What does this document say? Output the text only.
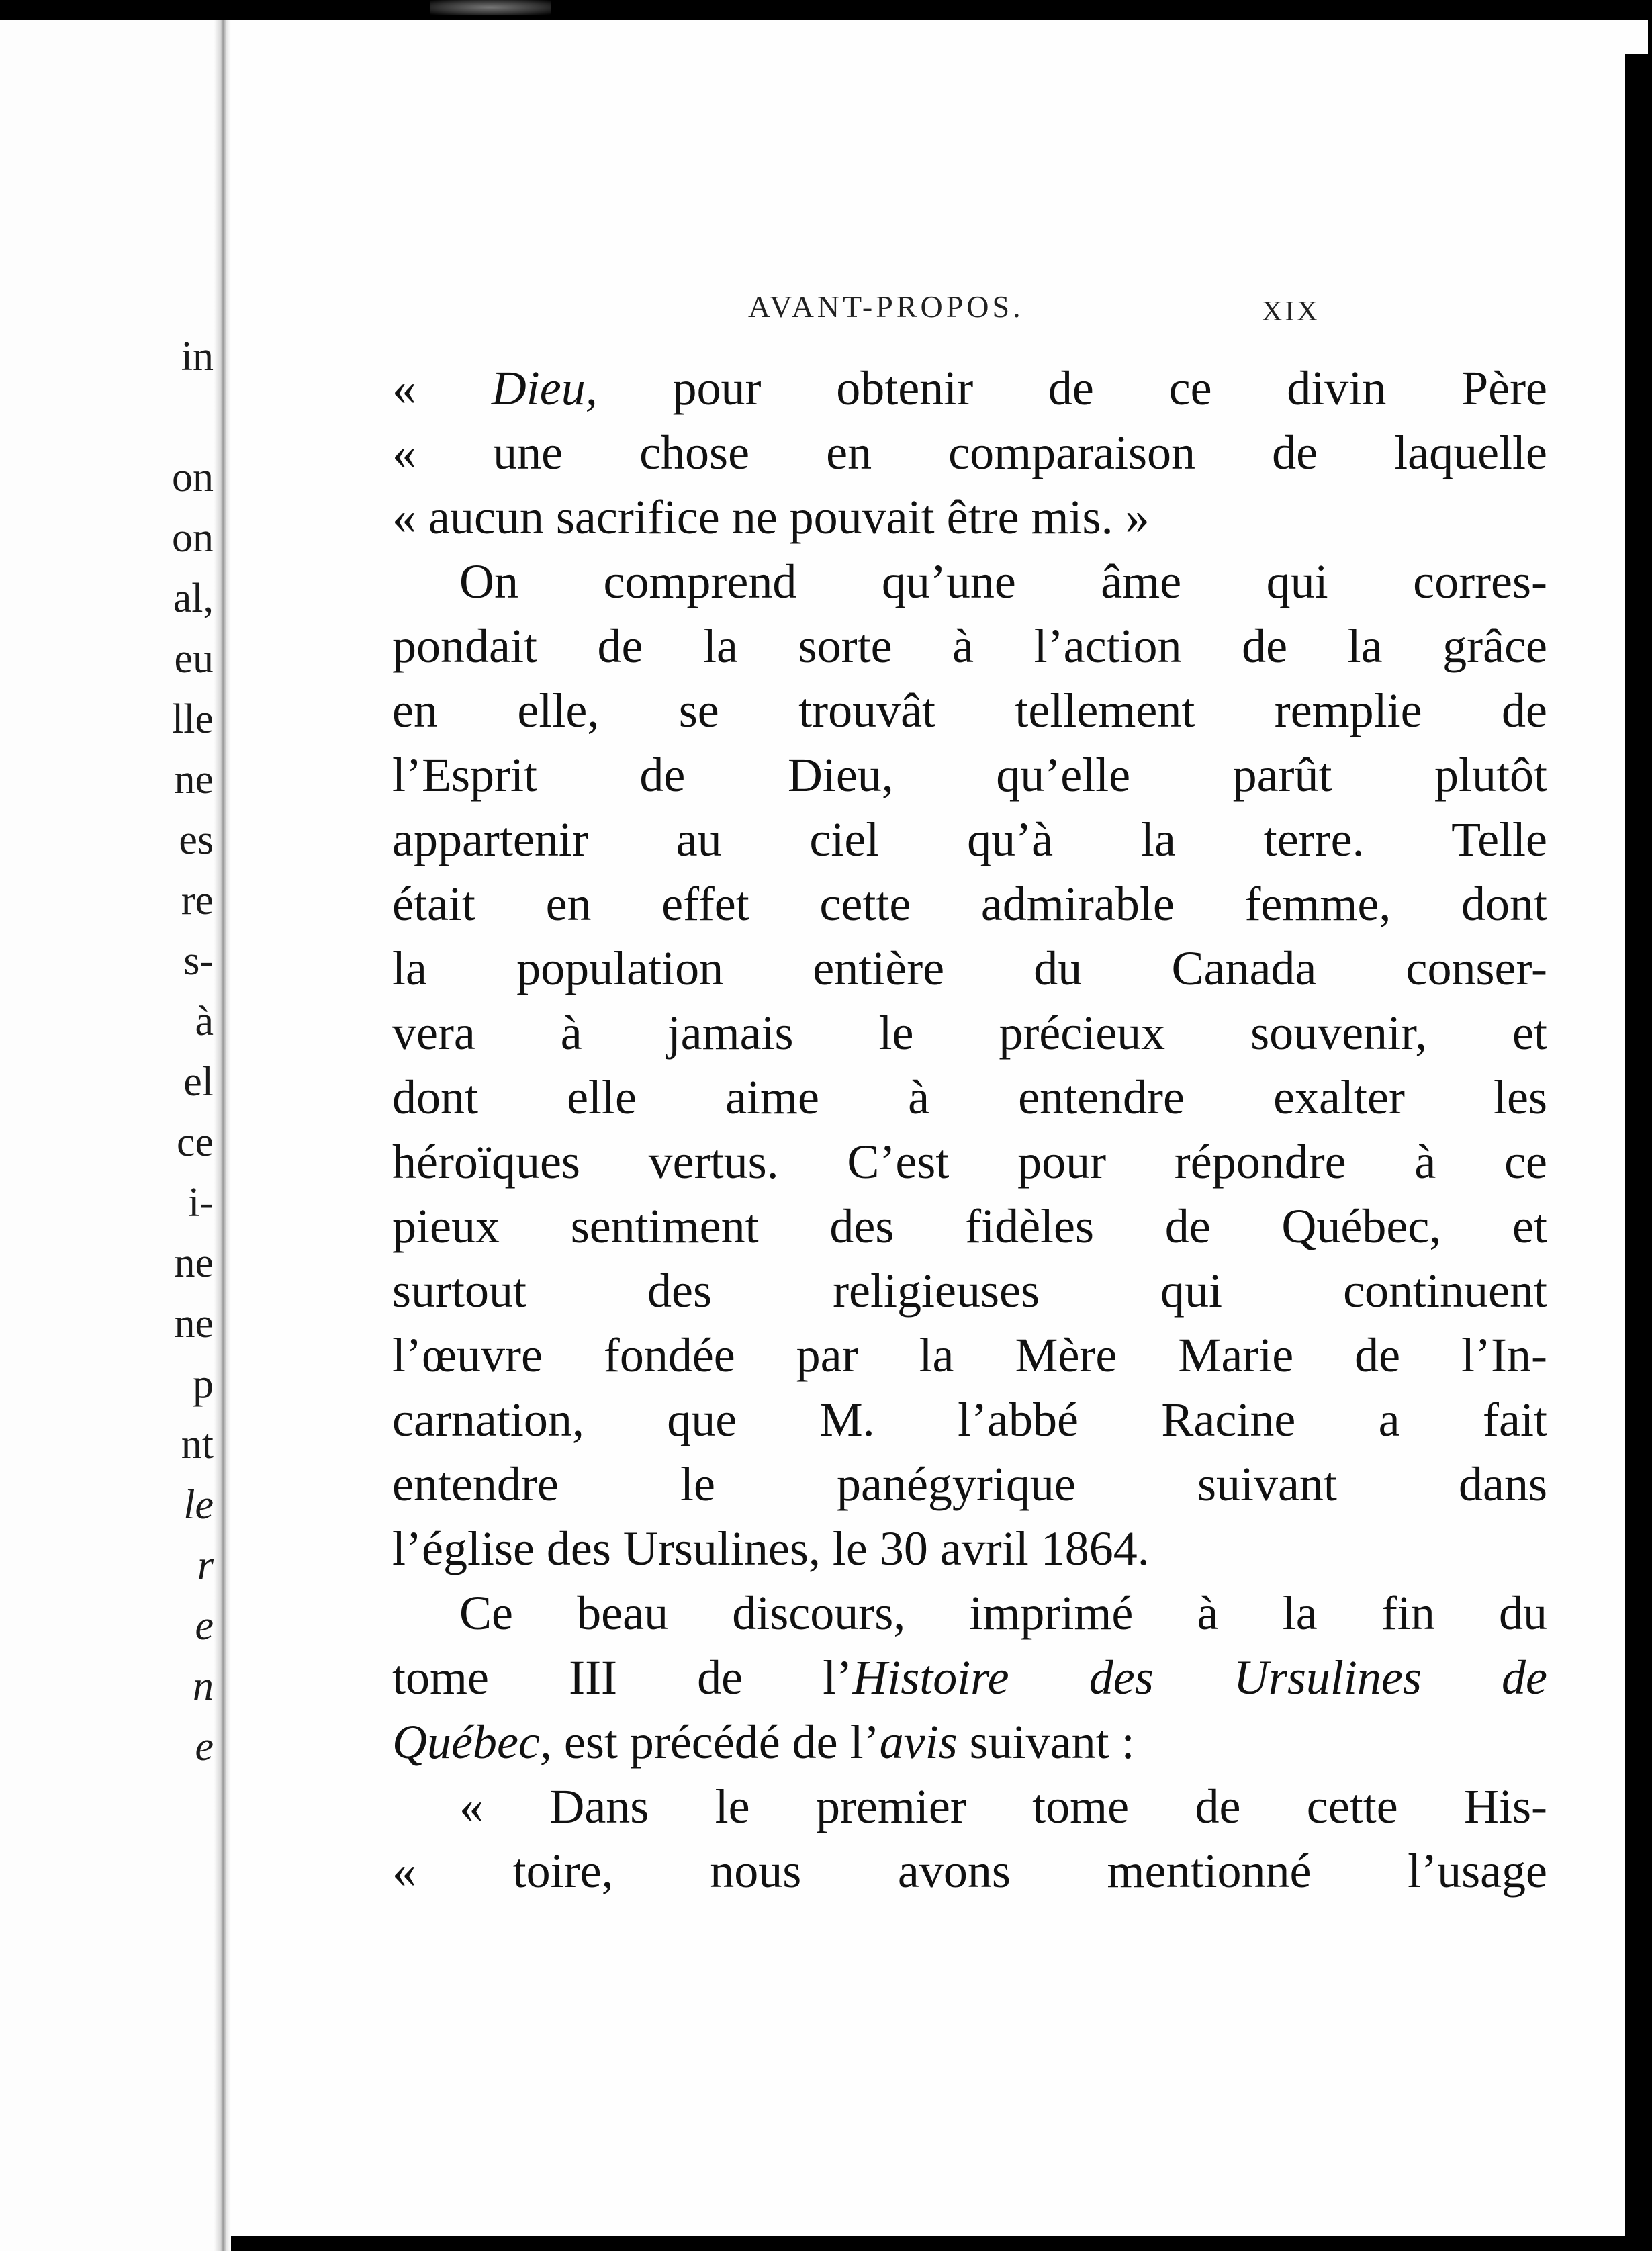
in
on
on
al,
eu
lle
ne
es
re
s-
à
el
ce
i-
ne
ne
p
nt
le
r
e
n
e
AVANT-PROPOS.	XIX
« Dieu, pour obtenir de ce divin Père
« une chose en comparaison de laquelle
« aucun sacrifice ne pouvait être mis. »
On comprend qu’une âme qui corres-
pondait de la sorte à l’action de la grâce
en elle, se trouvât tellement remplie de
l’Esprit de Dieu, qu’elle parût plutôt
appartenir au ciel qu’à la terre. Telle
était en effet cette admirable femme, dont
la population entière du Canada conser-
vera à jamais le précieux souvenir, et
dont elle aime à entendre exalter les
héroïques vertus. C’est pour répondre à ce
pieux sentiment des fidèles de Québec, et
surtout des religieuses qui continuent
l’œuvre fondée par la Mère Marie de l’In-
carnation, que M. l’abbé Racine a fait
entendre le panégyrique suivant dans
l’église des Ursulines, le 30 avril 1864.
Ce beau discours, imprimé à la fin du
tome III de l’Histoire des Ursulines de
Québec, est précédé de l’avis suivant :
« Dans le premier tome de cette His-
« toire, nous avons mentionné l’usage
